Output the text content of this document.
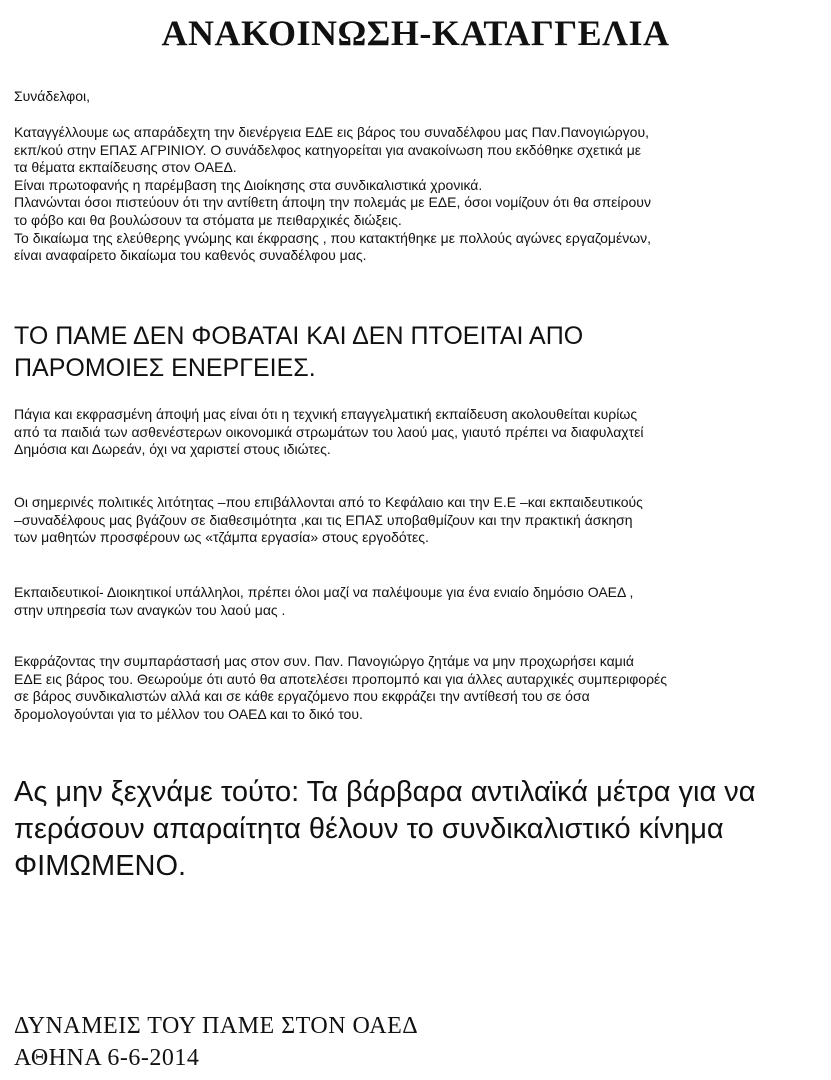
ΑΝΑΚΟΙΝΩΣΗ-ΚΑΤΑΓΓΕΛΙΑ
Συνάδελφοι,
Καταγγέλλουμε ως απαράδεχτη την διενέργεια ΕΔΕ εις βάρος του συναδέλφου μας Παν.Πανογιώργου,
εκπ/κού στην ΕΠΑΣ ΑΓΡΙΝΙΟΥ. Ο συνάδελφος κατηγορείται για ανακοίνωση που εκδόθηκε σχετικά με
τα θέματα εκπαίδευσης στον ΟΑΕΔ.
Είναι πρωτοφανής η παρέμβαση της Διοίκησης στα συνδικαλιστικά χρονικά.
Πλανώνται όσοι πιστεύουν ότι την αντίθετη άποψη την πολεμάς με ΕΔΕ, όσοι νομίζουν ότι θα σπείρουν
το φόβο και θα βουλώσουν τα στόματα με πειθαρχικές διώξεις.
Το δικαίωμα της ελεύθερης γνώμης και έκφρασης , που κατακτήθηκε με πολλούς αγώνες εργαζομένων,
είναι αναφαίρετο δικαίωμα του καθενός συναδέλφου μας.
ΤΟ ΠΑΜΕ ΔΕΝ ΦΟΒΑΤΑΙ ΚΑΙ ΔΕΝ ΠΤΟΕΙΤΑΙ ΑΠΟ
ΠΑΡΟΜΟΙΕΣ ΕΝΕΡΓΕΙΕΣ.
Πάγια και εκφρασμένη άποψή μας είναι ότι η τεχνική επαγγελματική εκπαίδευση ακολουθείται κυρίως
από τα παιδιά των ασθενέστερων οικονομικά στρωμάτων του λαού μας, γιαυτό πρέπει να διαφυλαχτεί
Δημόσια και Δωρεάν, όχι να χαριστεί στους ιδιώτες.
Οι σημερινές πολιτικές λιτότητας –που επιβάλλονται από το Κεφάλαιο και την Ε.Ε –και εκπαιδευτικούς
–συναδέλφους μας βγάζουν σε διαθεσιμότητα ,και τις ΕΠΑΣ υποβαθμίζουν και την πρακτική άσκηση
των μαθητών προσφέρουν ως «τζάμπα εργασία» στους εργοδότες.
Εκπαιδευτικοί- Διοικητικοί υπάλληλοι, πρέπει όλοι μαζί να παλέψουμε για ένα ενιαίο δημόσιο ΟΑΕΔ ,
στην υπηρεσία των αναγκών του λαού μας .
Εκφράζοντας την συμπαράστασή μας στον συν. Παν. Πανογιώργο ζητάμε να μην προχωρήσει καμιά
ΕΔΕ εις βάρος του. Θεωρούμε ότι αυτό θα αποτελέσει προπομπό και για άλλες αυταρχικές συμπεριφορές
σε βάρος συνδικαλιστών αλλά και σε κάθε εργαζόμενο που εκφράζει την αντίθεσή του σε όσα
δρομολογούνται για το μέλλον του ΟΑΕΔ και το δικό του.
Ας μην ξεχνάμε τούτο: Τα βάρβαρα αντιλαϊκά μέτρα για να
περάσουν απαραίτητα θέλουν το συνδικαλιστικό κίνημα
ΦΙΜΩΜΕΝΟ.
ΔΥΝΑΜΕΙΣ ΤΟΥ ΠΑΜΕ ΣΤΟΝ ΟΑΕΔ
ΑΘΗΝΑ 6-6-2014
